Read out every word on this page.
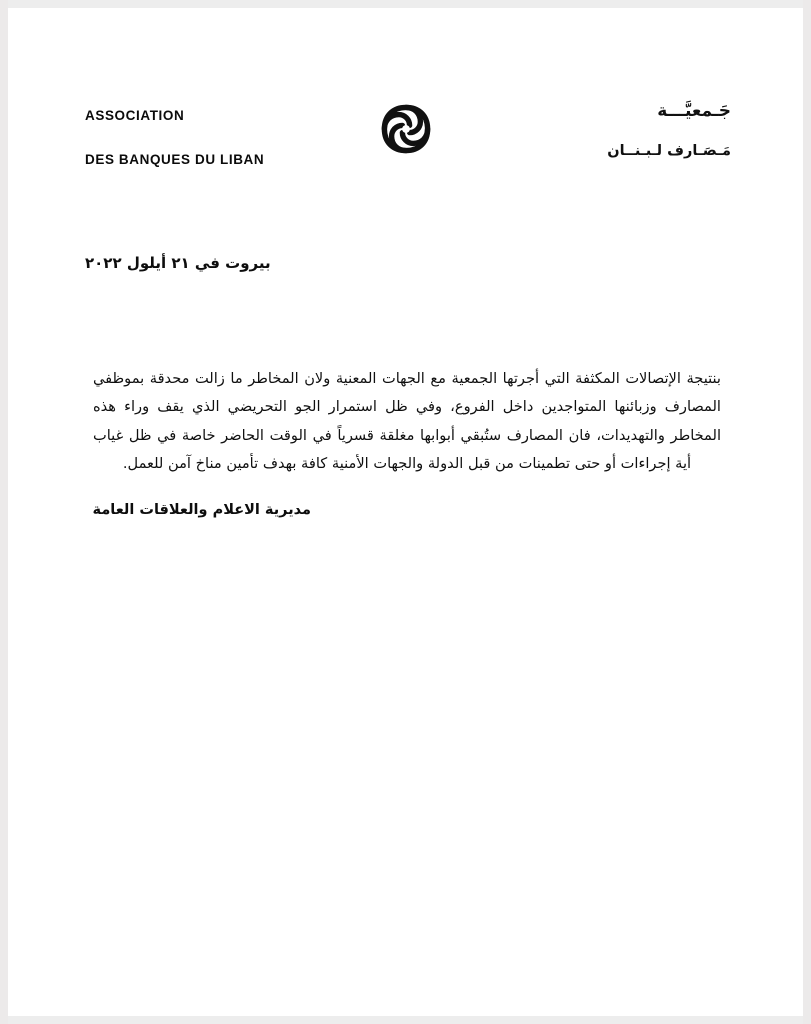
ASSOCIATION
DES BANQUES DU LIBAN
جَـمعيَّـــة
مَـصَـارف لـبـنــان
بيروت في ٢١ أيلول ٢٠٢٢
بنتيجة الإتصالات المكثفة التي أجرتها الجمعية مع الجهات المعنية ولان المخاطر ما زالت محدقة بموظفي المصارف وزبائنها المتواجدين داخل الفروع، وفي ظل استمرار الجو التحريضي الذي يقف وراء هذه المخاطر والتهديدات، فان المصارف ستُبقي أبوابها مغلقة قسرياً في الوقت الحاضر خاصة في ظل غياب أية إجراءات أو حتى تطمينات من قبل الدولة والجهات الأمنية كافة بهدف تأمين مناخ آمن للعمل.
مديرية الاعلام والعلاقات العامة
